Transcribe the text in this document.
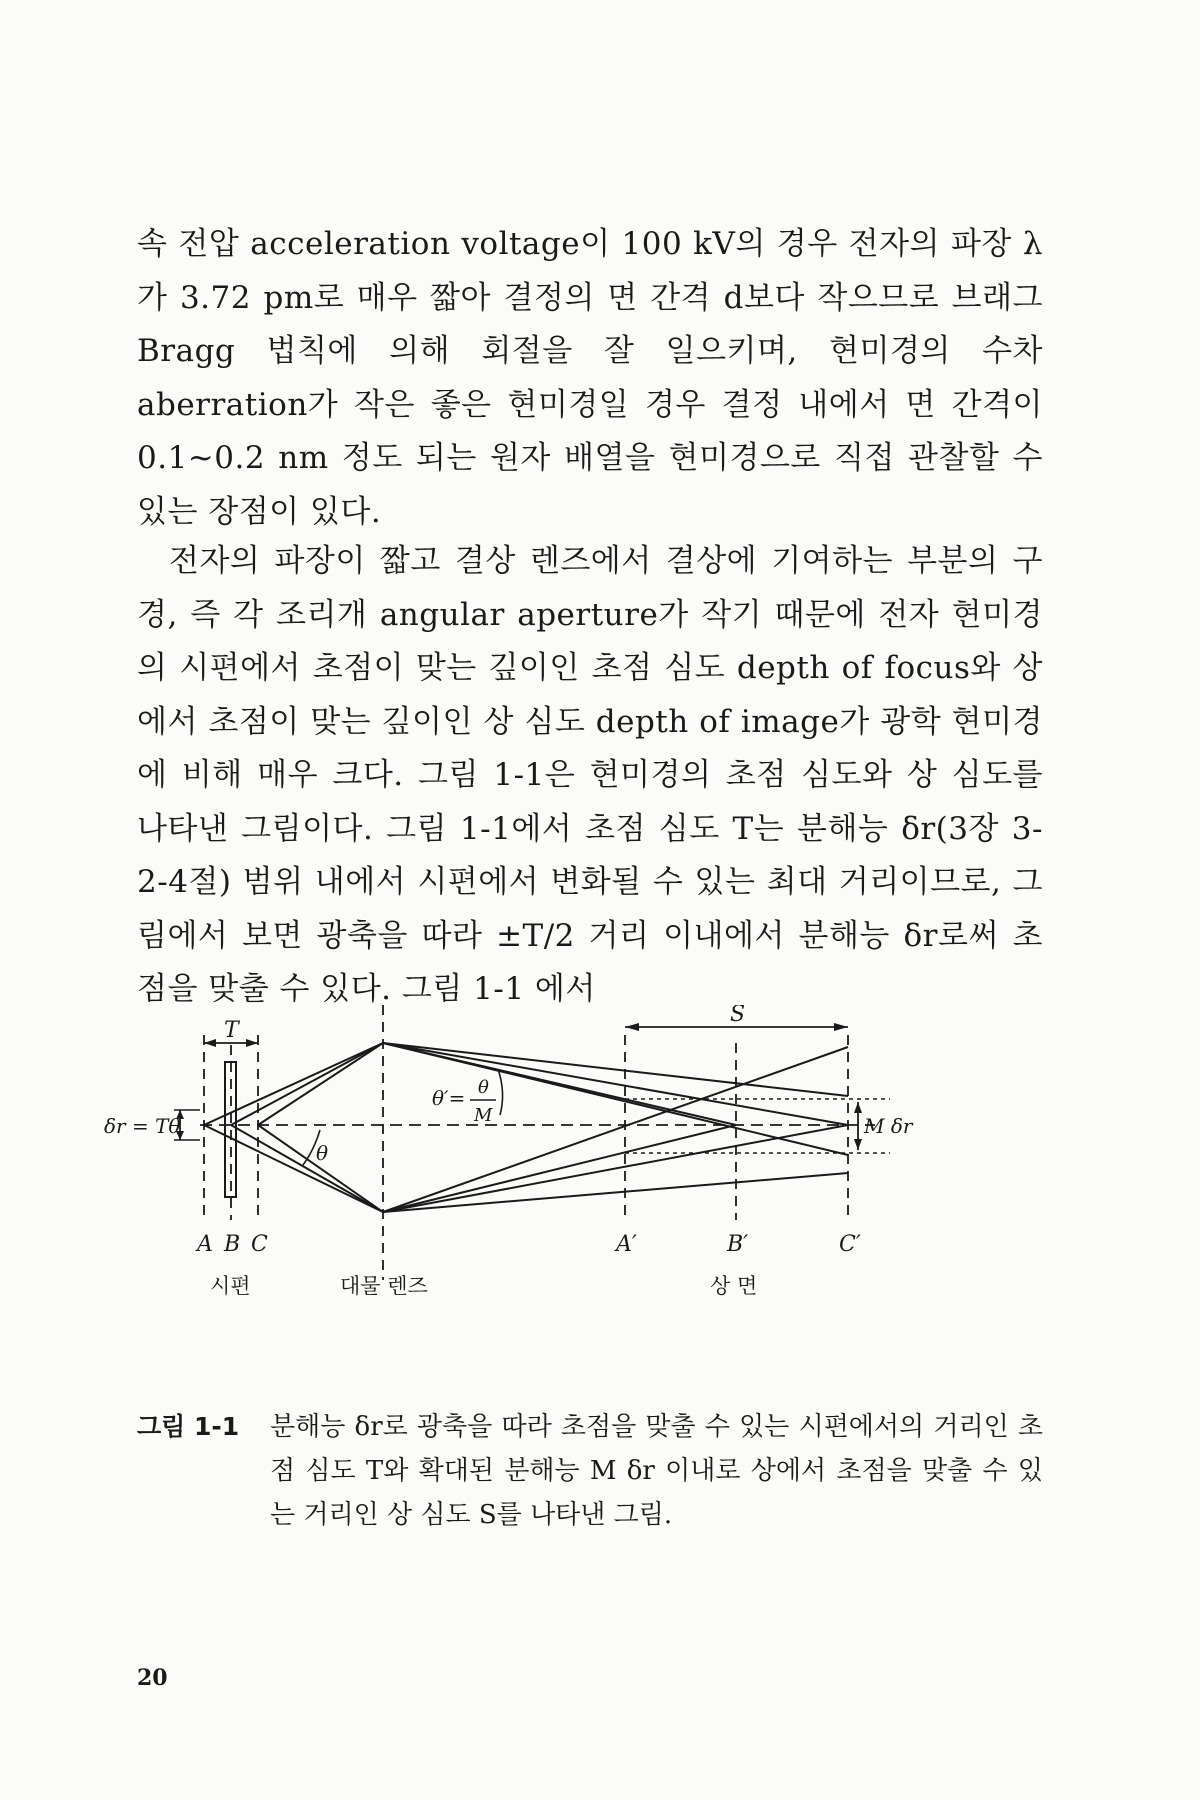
속 전압 acceleration voltage이 100 kV의 경우 전자의 파장 λ가 3.72 pm로 매우 짧아 결정의 면 간격 d보다 작으므로 브래그 Bragg 법칙에 의해 회절을 잘 일으키며, 현미경의 수차 aberration가 작은 좋은 현미경일 경우 결정 내에서 면 간격이 0.1~0.2 nm 정도 되는 원자 배열을 현미경으로 직접 관찰할 수 있는 장점이 있다.

전자의 파장이 짧고 결상 렌즈에서 결상에 기여하는 부분의 구경, 즉 각 조리개 angular aperture가 작기 때문에 전자 현미경의 시편에서 초점이 맞는 깊이인 초점 심도 depth of focus와 상에서 초점이 맞는 깊이인 상 심도 depth of image가 광학 현미경에 비해 매우 크다. 그림 1-1은 현미경의 초점 심도와 상 심도를 나타낸 그림이다. 그림 1-1에서 초점 심도 T는 분해능 δr(3장 3-2-4절) 범위 내에서 시편에서 변화될 수 있는 최대 거리이므로, 그림에서 보면 광축을 따라 ±T/2 거리 이내에서 분해능 δr로써 초점을 맞출 수 있다. 그림 1-1 에서

T
S
δr = Tθ
θ′= θ
M
θ
M δr
A B C	A′	B′	C′
시편	대물 렌즈	상 면
그림 1-1 분해능 δr로 광축을 따라 초점을 맞출 수 있는 시편에서의 거리인 초점 심도 T와 확대된 분해능 M δr 이내로 상에서 초점을 맞출 수 있는 거리인 상 심도 S를 나타낸 그림.
20
